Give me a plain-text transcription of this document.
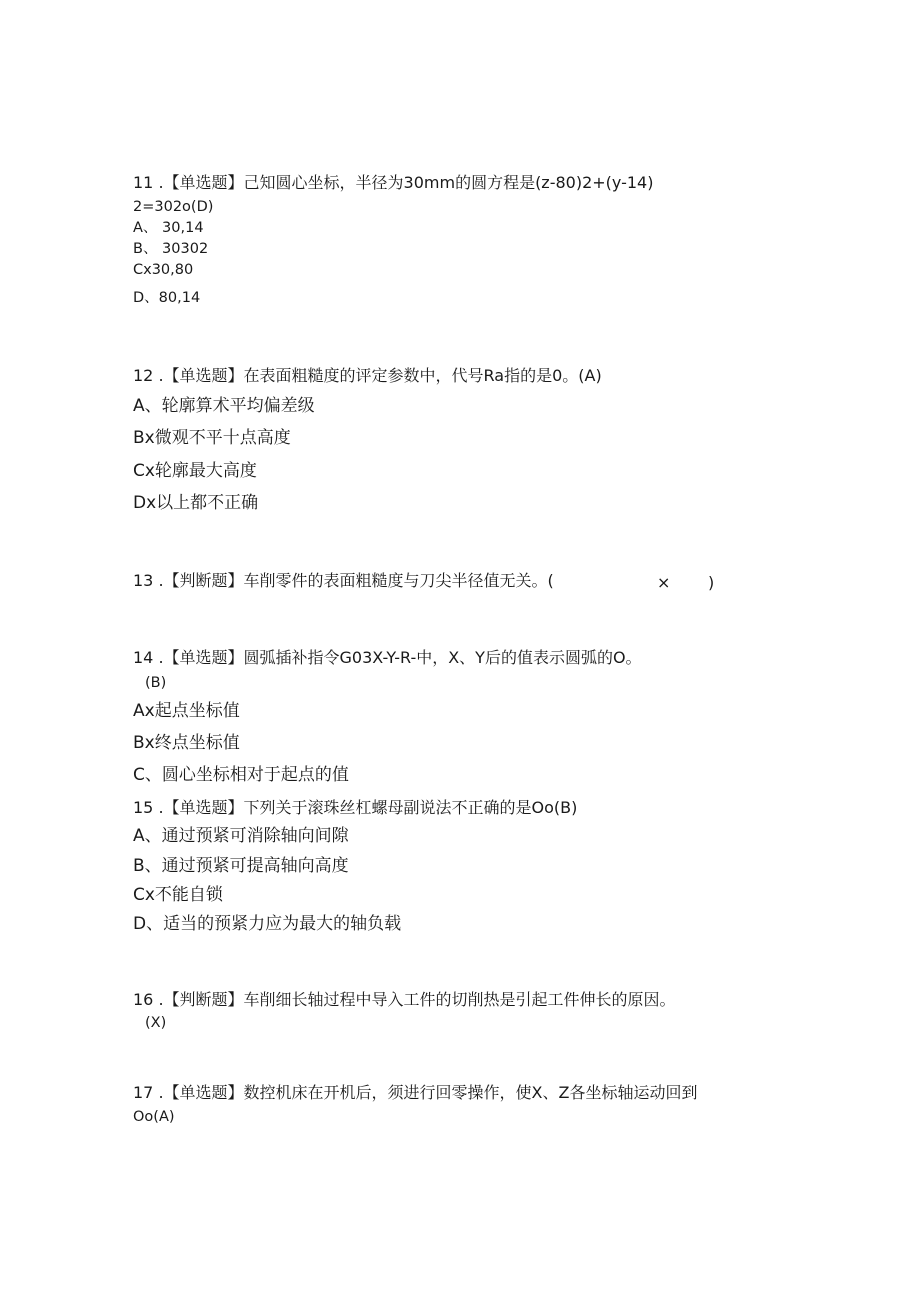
11 .【单选题】己知圆心坐标，半径为30mm的圆方程是(z-80)2+(y-14)
2=302o(D)
A、 30,14
B、 30302
Cx30,80
D、80,14
12 .【单选题】在表面粗糙度的评定参数中，代号Ra指的是0。(A)
A、轮廓算术平均偏差级
Bx微观不平十点高度
Cx轮廓最大高度
Dx以上都不正确
13 .【判断题】车削零件的表面粗糙度与刀尖半径值无关。(	× )
14 .【单选题】圆弧插补指令G03X-Y-R-中，X、Y后的值表示圆弧的O。
(B)
Ax起点坐标值
Bx终点坐标值
C、圆心坐标相对于起点的值
15 .【单选题】下列关于滚珠丝杠螺母副说法不正确的是Oo(B)
A、通过预紧可消除轴向间隙
B、通过预紧可提高轴向高度
Cx不能自锁
D、适当的预紧力应为最大的轴负载
16 .【判断题】车削细长轴过程中导入工件的切削热是引起工件伸长的原因。
(X)
17 .【单选题】数控机床在开机后，须进行回零操作，使X、Z各坐标轴运动回到
Oo(A)
